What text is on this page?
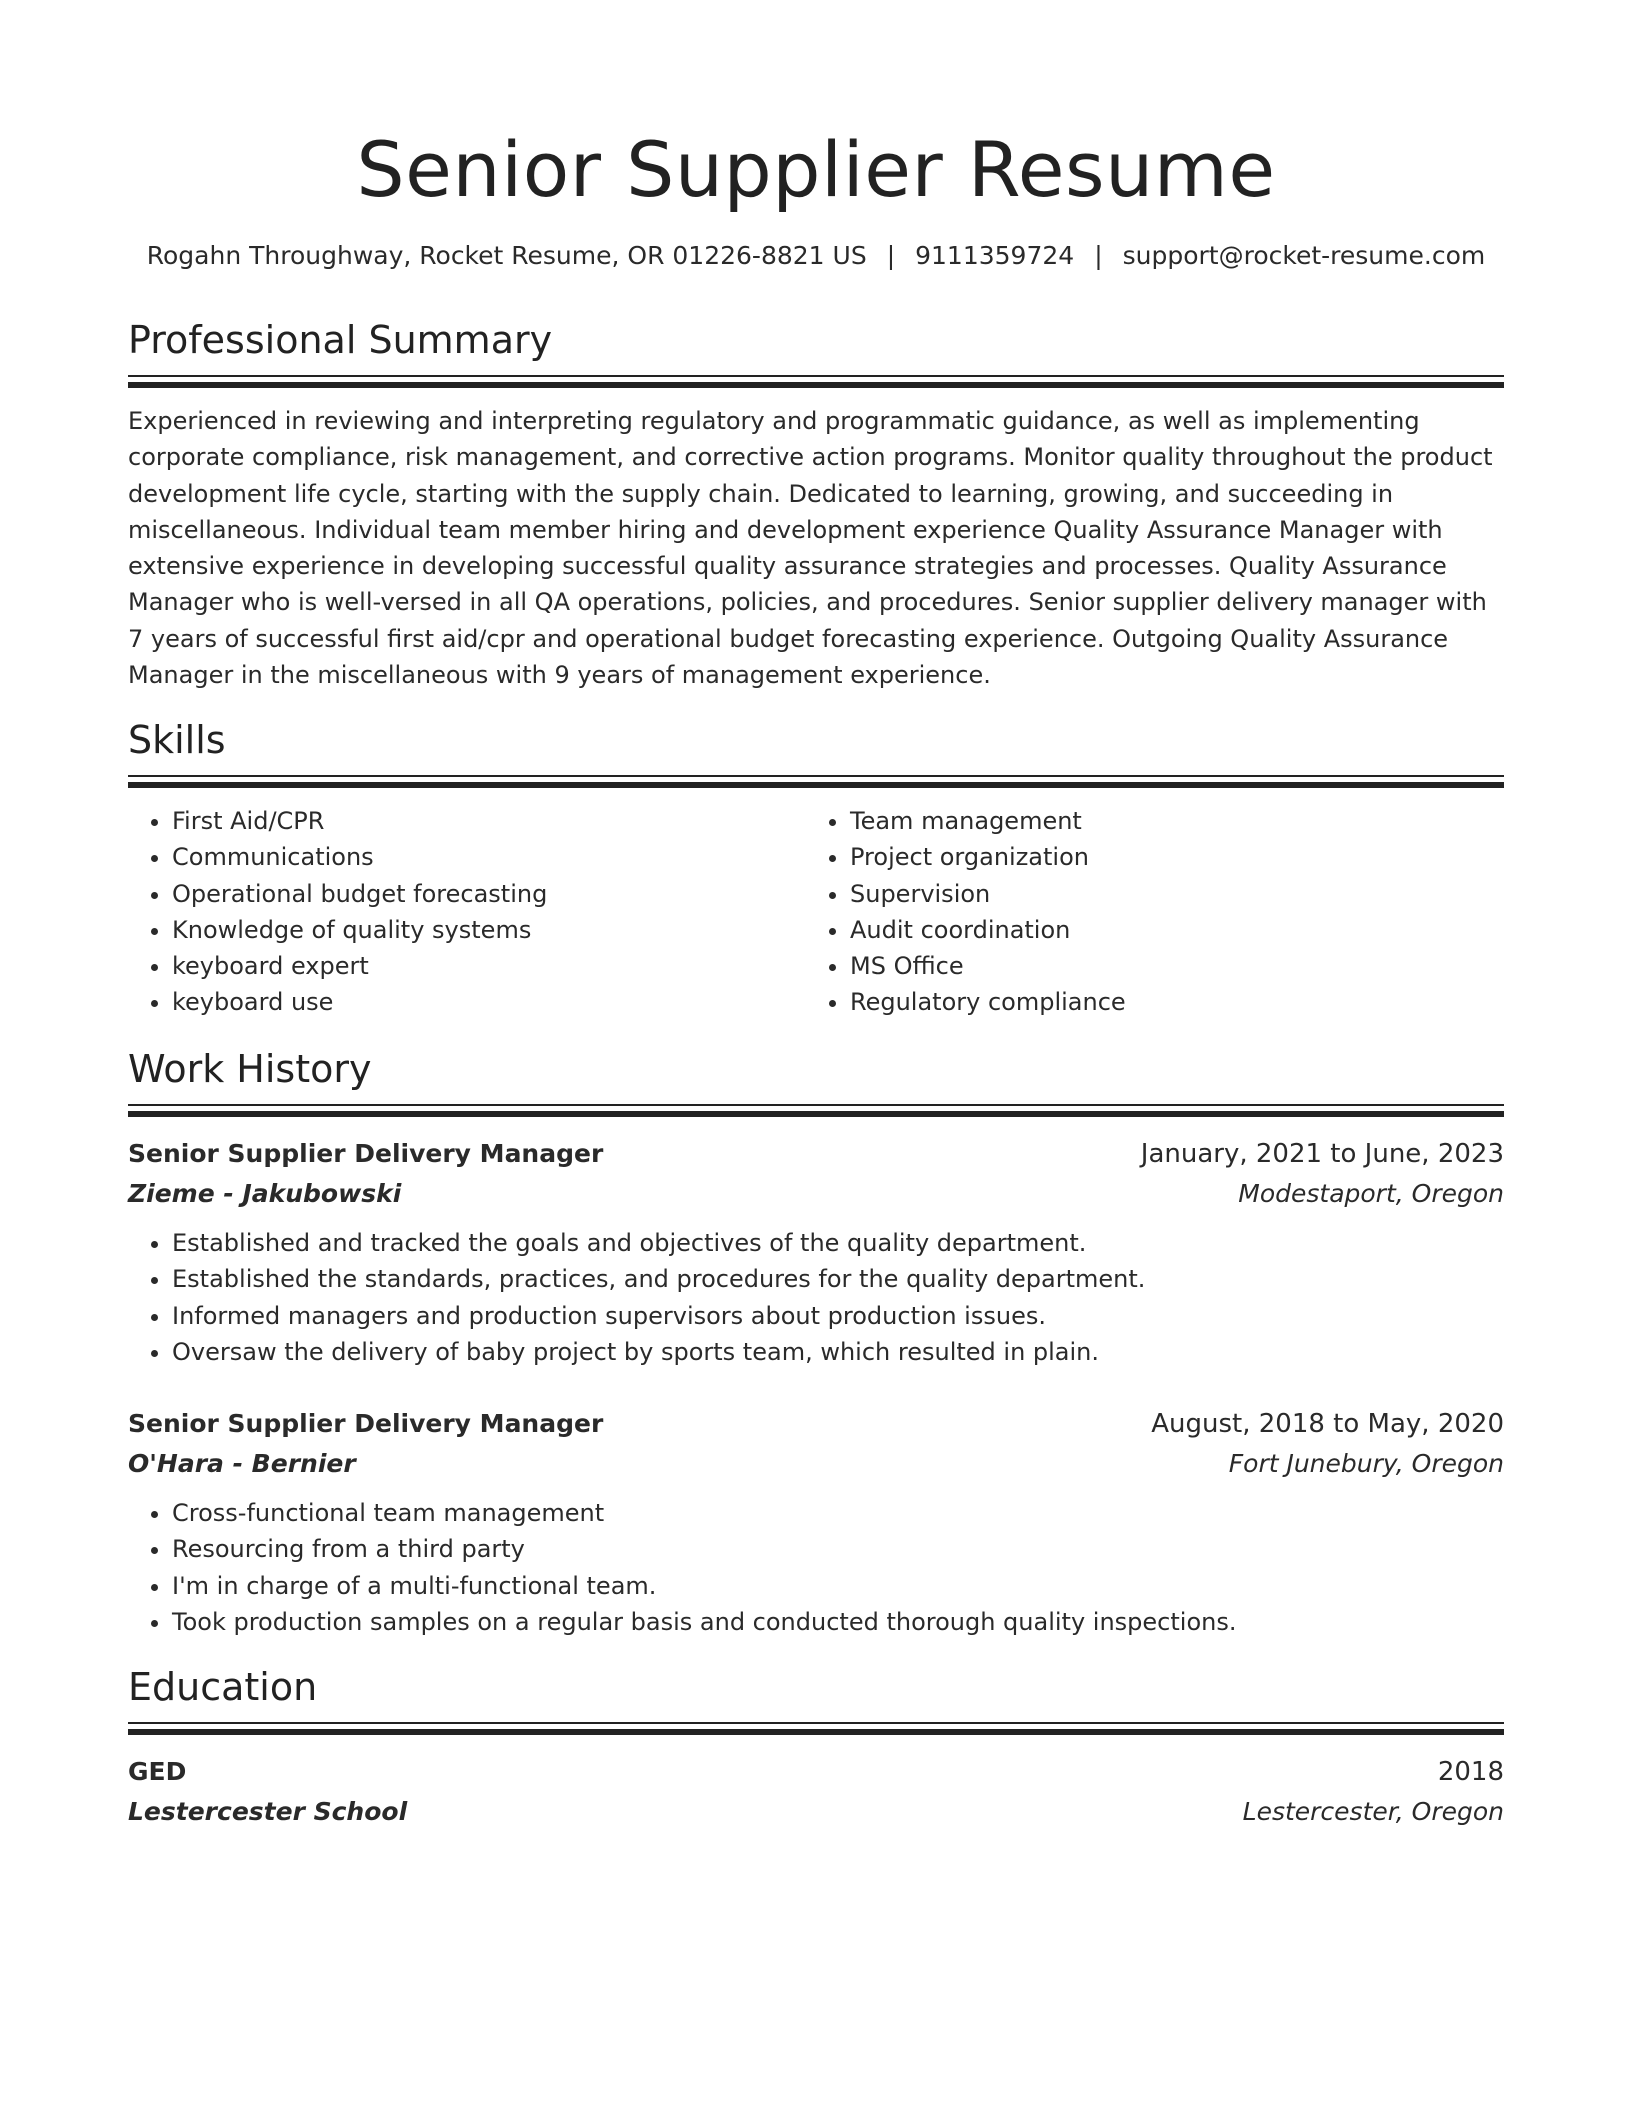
Senior Supplier Resume
Rogahn Throughway, Rocket Resume, OR 01226-8821 US | 9111359724 | support@rocket-resume.com
Professional Summary
Experienced in reviewing and interpreting regulatory and programmatic guidance, as well as implementing corporate compliance, risk management, and corrective action programs. Monitor quality throughout the product development life cycle, starting with the supply chain. Dedicated to learning, growing, and succeeding in miscellaneous. Individual team member hiring and development experience Quality Assurance Manager with extensive experience in developing successful quality assurance strategies and processes. Quality Assurance Manager who is well-versed in all QA operations, policies, and procedures. Senior supplier delivery manager with 7 years of successful first aid/cpr and operational budget forecasting experience. Outgoing Quality Assurance Manager in the miscellaneous with 9 years of management experience.
Skills
• First Aid/CPR
• Communications
• Operational budget forecasting
• Knowledge of quality systems
• keyboard expert
• keyboard use
• Team management
• Project organization
• Supervision
• Audit coordination
• MS Office
• Regulatory compliance
Work History
Senior Supplier Delivery Manager	January, 2021 to June, 2023
Zieme - Jakubowski	Modestaport, Oregon
• Established and tracked the goals and objectives of the quality department.
• Established the standards, practices, and procedures for the quality department.
• Informed managers and production supervisors about production issues.
• Oversaw the delivery of baby project by sports team, which resulted in plain.
Senior Supplier Delivery Manager	August, 2018 to May, 2020
O'Hara - Bernier	Fort Junebury, Oregon
• Cross-functional team management
• Resourcing from a third party
• I'm in charge of a multi-functional team.
• Took production samples on a regular basis and conducted thorough quality inspections.
Education
GED	2018
Lestercester School	Lestercester, Oregon
